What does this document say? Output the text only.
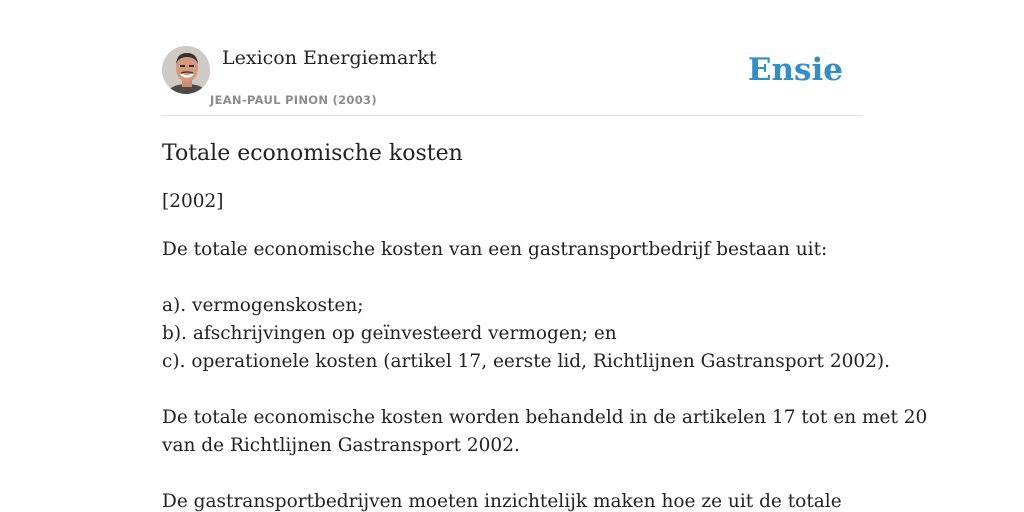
Lexicon Energiemarkt
JEAN-PAUL PINON (2003)
Ensie
Totale economische kosten

[2002]

De totale economische kosten van een gastransportbedrijf bestaan uit:
a). vermogenskosten;
b). afschrijvingen op geïnvesteerd vermogen; en
c). operationele kosten (artikel 17, eerste lid, Richtlijnen Gastransport 2002).
De totale economische kosten worden behandeld in de artikelen 17 tot en met 20
van de Richtlijnen Gastransport 2002.
De gastransportbedrijven moeten inzichtelijk maken hoe ze uit de totale
